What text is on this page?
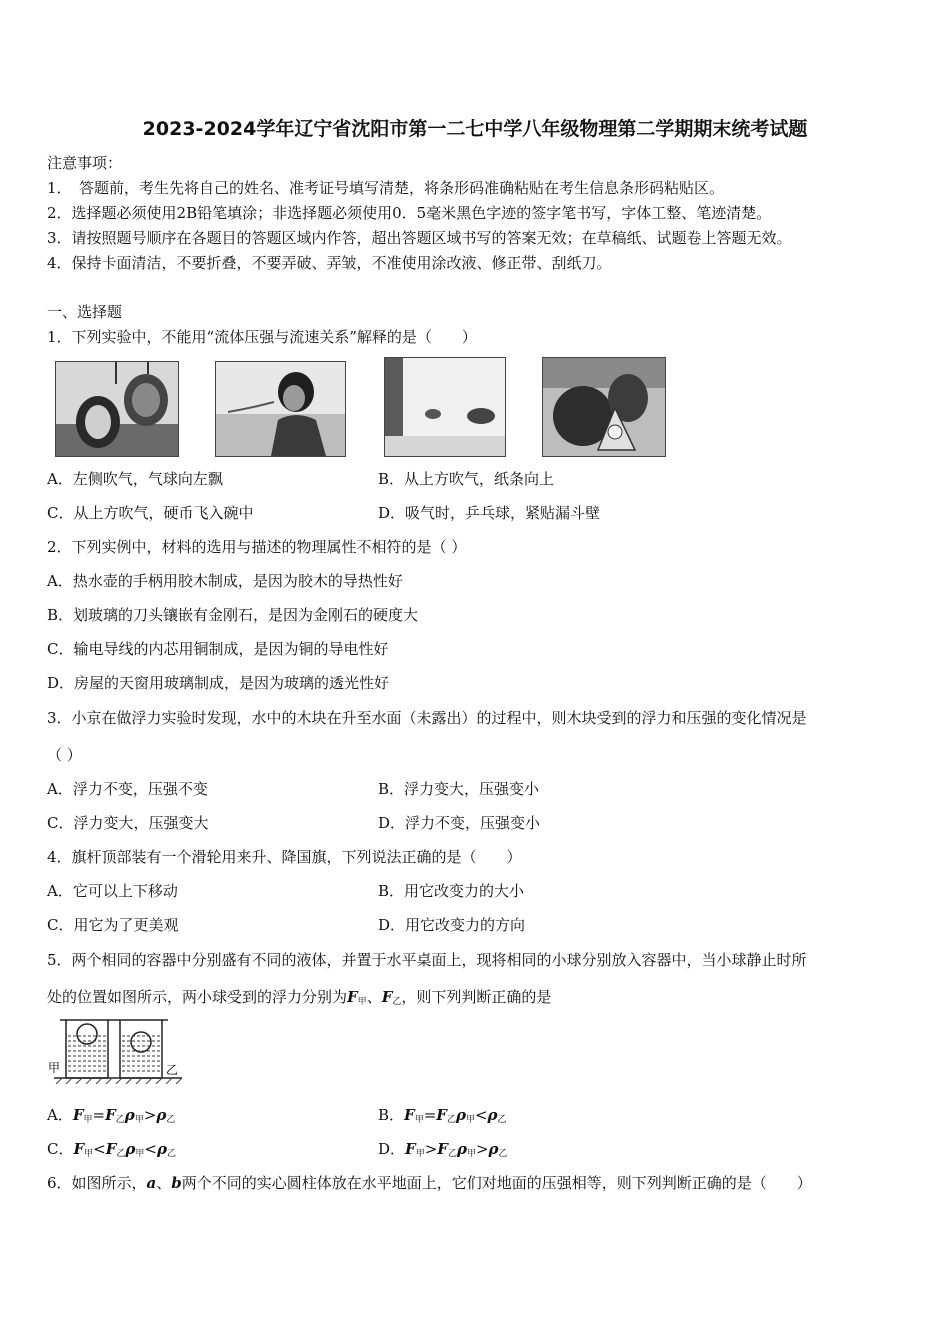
2023-2024学年辽宁省沈阳市第一二七中学八年级物理第二学期期末统考试题
注意事项：
1．　答题前，考生先将自己的姓名、准考证号填写清楚，将条形码准确粘贴在考生信息条形码粘贴区。
2．选择题必须使用2B铅笔填涂；非选择题必须使用0．5毫米黑色字迹的签字笔书写，字体工整、笔迹清楚。
3．请按照题号顺序在各题目的答题区域内作答，超出答题区域书写的答案无效；在草稿纸、试题卷上答题无效。
4．保持卡面清洁，不要折叠，不要弄破、弄皱，不准使用涂改液、修正带、刮纸刀。
一、选择题
1．下列实验中，不能用“流体压强与流速关系”解释的是（　　）
A．左侧吹气，气球向左飘	B．从上方吹气，纸条向上
C．从上方吹气，硬币飞入碗中	D．吸气时，乒乓球，紧贴漏斗壁
2．下列实例中，材料的选用与描述的物理属性不相符的是（ ）
A．热水壶的手柄用胶木制成，是因为胶木的导热性好
B．划玻璃的刀头镶嵌有金刚石，是因为金刚石的硬度大
C．输电导线的内芯用铜制成，是因为铜的导电性好
D．房屋的天窗用玻璃制成，是因为玻璃的透光性好
3．小京在做浮力实验时发现，水中的木块在升至水面（未露出）的过程中，则木块受到的浮力和压强的变化情况是
（ ）
A．浮力不变，压强不变	B．浮力变大，压强变小
C．浮力变大，压强变大	D．浮力不变，压强变小
4．旗杆顶部装有一个滑轮用来升、降国旗，下列说法正确的是（　　）
A．它可以上下移动	B．用它改变力的大小
C．用它为了更美观	D．用它改变力的方向
5．两个相同的容器中分别盛有不同的液体，并置于水平桌面上，现将相同的小球分别放入容器中，当小球静止时所
处的位置如图所示，两小球受到的浮力分别为$F_甲$、$F_乙$，则下列判断正确的是
甲	乙
A．$F_甲=F_乙\rho_甲>\rho_乙$	B．$F_甲=F_乙\rho_甲<\rho_乙$
C．$F_甲<F_乙\rho_甲<\rho_乙$	D．$F_甲>F_乙\rho_甲>\rho_乙$
6．如图所示，a、b两个不同的实心圆柱体放在水平地面上，它们对地面的压强相等，则下列判断正确的是（　　）
